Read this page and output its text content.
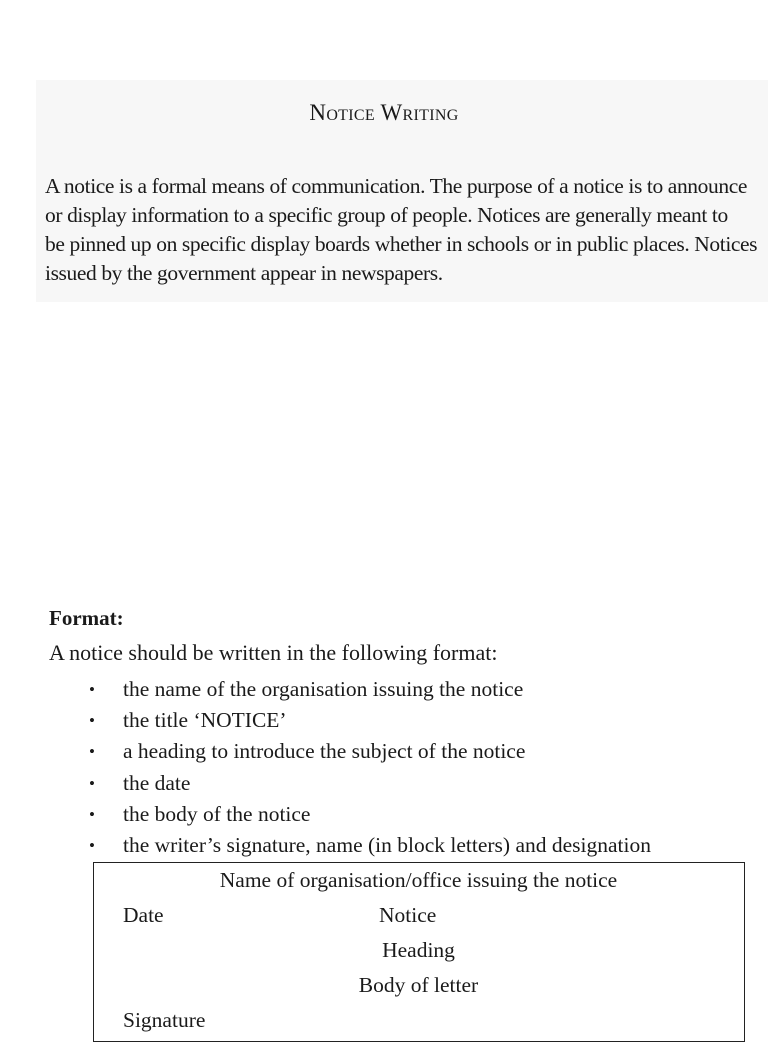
Notice Writing

A notice is a formal means of communication. The purpose of a notice is to announce
or display information to a specific group of people. Notices are generally meant to
be pinned up on specific display boards whether in schools or in public places. Notices
issued by the government appear in newspapers.

Format:

A notice should be written in the following format:

• the name of the organisation issuing the notice
• the title ‘NOTICE’
• a heading to introduce the subject of the notice
• the date
• the body of the notice
• the writer’s signature, name (in block letters) and designation
Name of organisation/office issuing the notice
Date	Notice
Heading
Body of letter
Signature
